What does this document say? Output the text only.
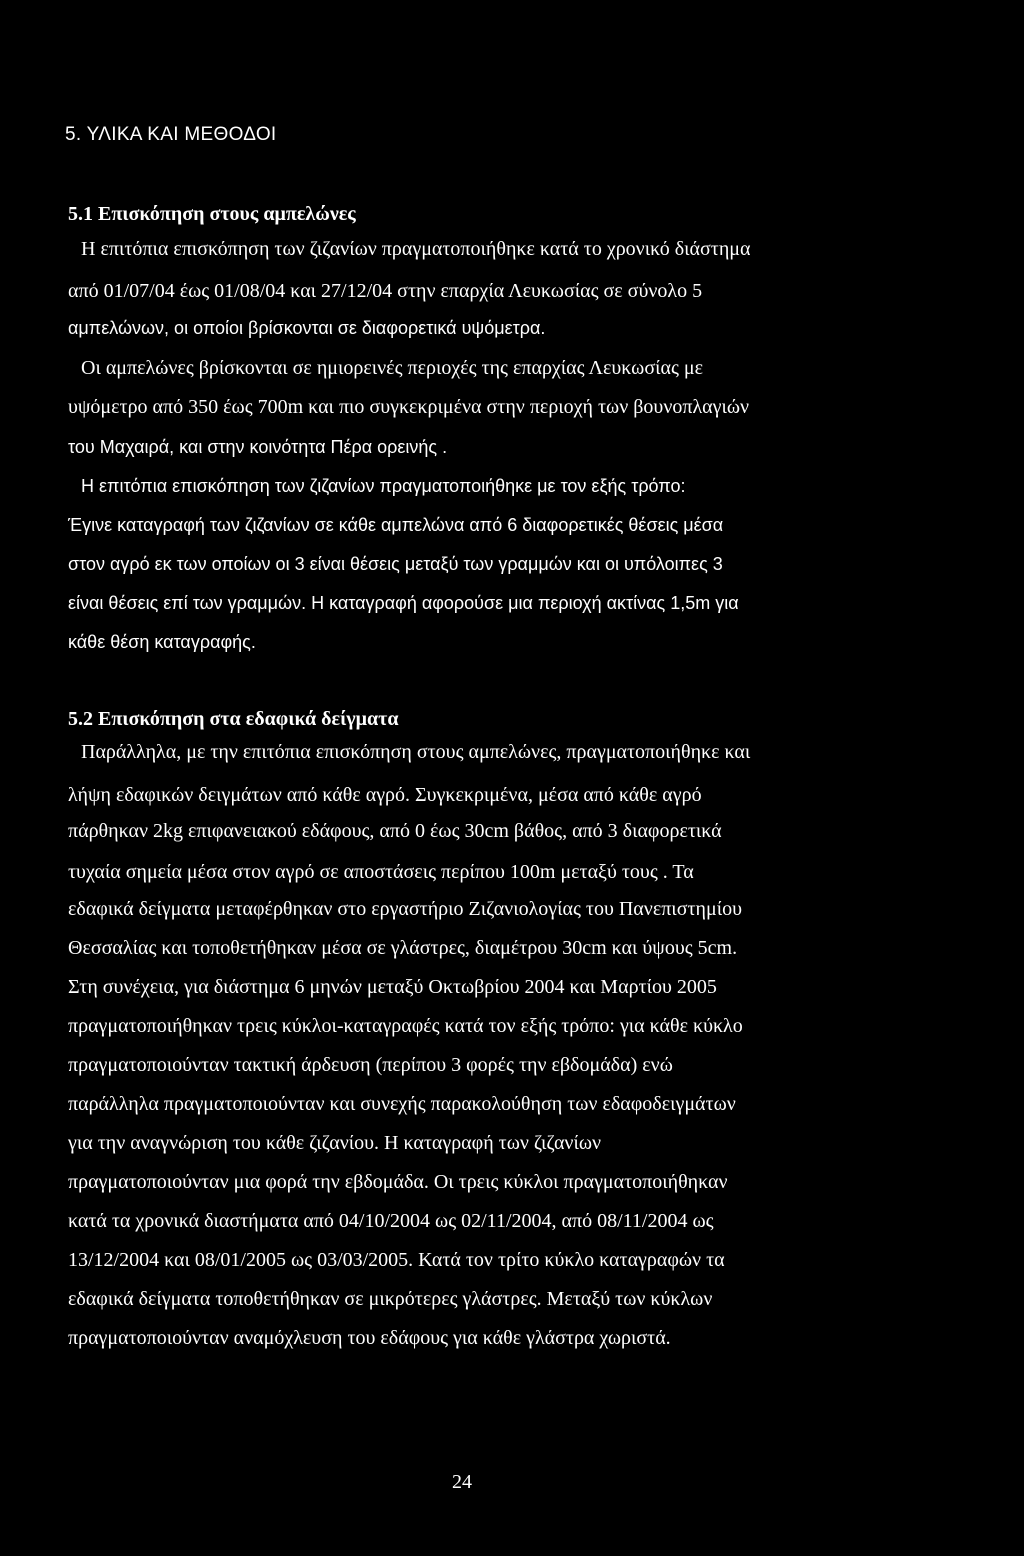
5. ΥΛΙΚΑ ΚΑΙ ΜΕΘΟΔΟΙ
5.1 Επισκόπηση στους αμπελώνες
Η επιτόπια επισκόπηση των ζιζανίων πραγματοποιήθηκε κατά το χρονικό διάστημα
από 01/07/04 έως 01/08/04 και 27/12/04 στην επαρχία Λευκωσίας σε σύνολο 5
αμπελώνων, οι οποίοι βρίσκονται σε διαφορετικά υψόμετρα.
Οι αμπελώνες βρίσκονται σε ημιορεινές περιοχές της επαρχίας Λευκωσίας με
υψόμετρο από 350 έως 700m και πιο συγκεκριμένα στην περιοχή των βουνοπλαγιών
του Μαχαιρά, και στην κοινότητα Πέρα ορεινής .
Η επιτόπια επισκόπηση των ζιζανίων πραγματοποιήθηκε με τον εξής τρόπο:
Έγινε καταγραφή των ζιζανίων σε κάθε αμπελώνα από 6 διαφορετικές θέσεις μέσα
στον αγρό εκ των οποίων οι 3 είναι θέσεις μεταξύ των γραμμών και οι υπόλοιπες 3
είναι θέσεις επί των γραμμών. Η καταγραφή αφορούσε μια περιοχή ακτίνας 1,5m για
κάθε θέση καταγραφής.
5.2 Επισκόπηση στα εδαφικά δείγματα
Παράλληλα, με την επιτόπια επισκόπηση στους αμπελώνες, πραγματοποιήθηκε και
λήψη εδαφικών δειγμάτων από κάθε αγρό. Συγκεκριμένα, μέσα από κάθε αγρό
πάρθηκαν 2kg επιφανειακού εδάφους, από 0 έως 30cm βάθος, από 3 διαφορετικά
τυχαία σημεία μέσα στον αγρό σε αποστάσεις περίπου 100m μεταξύ τους . Τα
εδαφικά δείγματα μεταφέρθηκαν στο εργαστήριο Ζιζανιολογίας του Πανεπιστημίου
Θεσσαλίας και τοποθετήθηκαν μέσα σε γλάστρες, διαμέτρου 30cm και ύψους 5cm.
Στη συνέχεια, για διάστημα 6 μηνών μεταξύ Οκτωβρίου 2004 και Μαρτίου 2005
πραγματοποιήθηκαν τρεις κύκλοι-καταγραφές κατά τον εξής τρόπο: για κάθε κύκλο
πραγματοποιούνταν τακτική άρδευση (περίπου 3 φορές την εβδομάδα) ενώ
παράλληλα πραγματοποιούνταν και συνεχής παρακολούθηση των εδαφοδειγμάτων
για την αναγνώριση του κάθε ζιζανίου. Η καταγραφή των ζιζανίων
πραγματοποιούνταν μια φορά την εβδομάδα. Οι τρεις κύκλοι πραγματοποιήθηκαν
κατά τα χρονικά διαστήματα από 04/10/2004 ως 02/11/2004, από 08/11/2004 ως
13/12/2004 και 08/01/2005 ως 03/03/2005. Κατά τον τρίτο κύκλο καταγραφών τα
εδαφικά δείγματα τοποθετήθηκαν σε μικρότερες γλάστρες. Μεταξύ των κύκλων
πραγματοποιούνταν αναμόχλευση του εδάφους για κάθε γλάστρα χωριστά.
24
